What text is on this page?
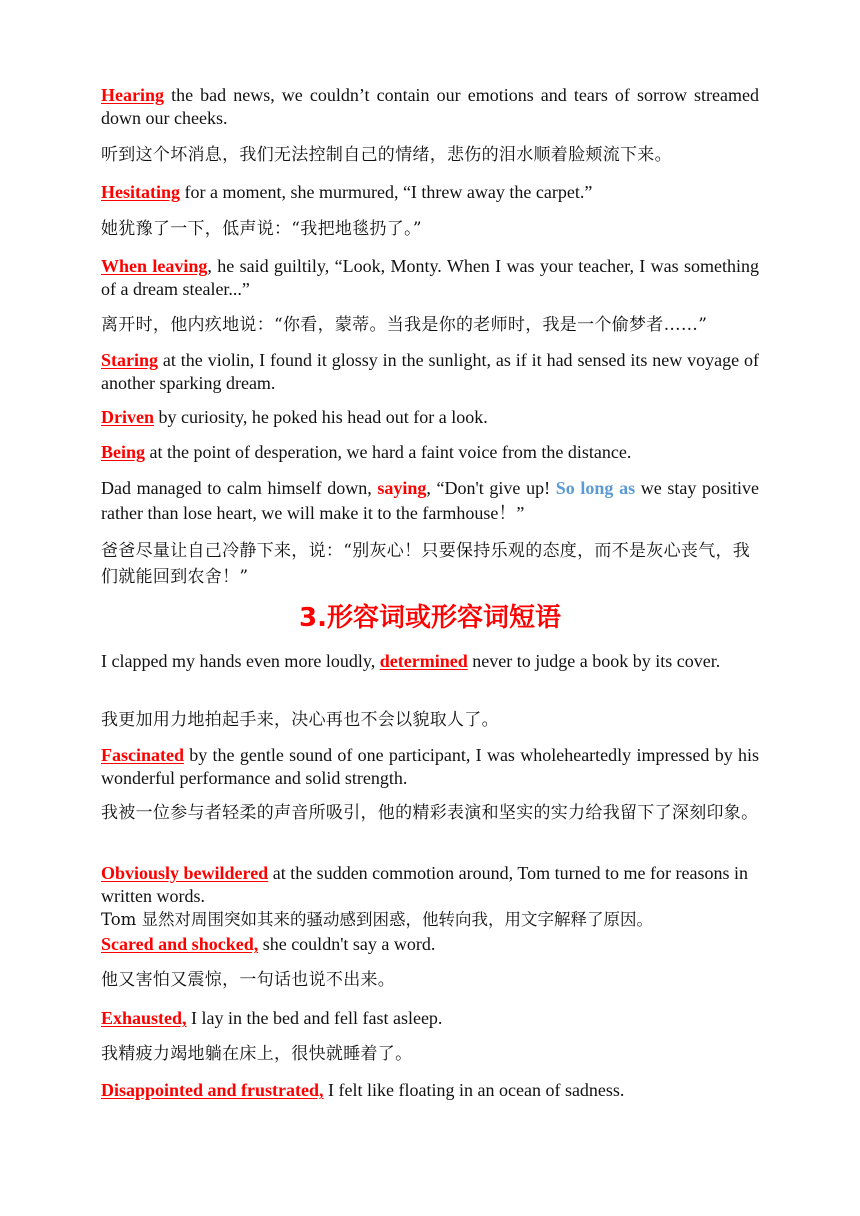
Hearing the bad news, we couldn’t contain our emotions and tears of sorrow streamed down our cheeks.

听到这个坏消息，我们无法控制自己的情绪，悲伤的泪水顺着脸颊流下来。

Hesitating for a moment, she murmured, “I threw away the carpet.”

她犹豫了一下，低声说：“我把地毯扔了。”

When leaving, he said guiltily, “Look, Monty. When I was your teacher, I was something of a dream stealer...”

离开时，他内疚地说：“你看，蒙蒂。当我是你的老师时，我是一个偷梦者……”

Staring at the violin, I found it glossy in the sunlight, as if it had sensed its new voyage of another sparking dream.

Driven by curiosity, he poked his head out for a look.

Being at the point of desperation, we hard a faint voice from the distance.

Dad managed to calm himself down, saying, “Don't give up! So long as we stay positive rather than lose heart, we will make it to the farmhouse！”

爸爸尽量让自己冷静下来，说：“别灰心！只要保持乐观的态度，而不是灰心丧气，我们就能回到农舍！”

3.形容词或形容词短语

I clapped my hands even more loudly, determined never to judge a book by its cover.

我更加用力地拍起手来，决心再也不会以貌取人了。

Fascinated by the gentle sound of one participant, I was wholeheartedly impressed by his wonderful performance and solid strength.

我被一位参与者轻柔的声音所吸引，他的精彩表演和坚实的实力给我留下了深刻印象。

Obviously bewildered at the sudden commotion around, Tom turned to me for reasons in written words.

Tom 显然对周围突如其来的骚动感到困惑，他转向我，用文字解释了原因。

Scared and shocked, she couldn't say a word.

他又害怕又震惊，一句话也说不出来。

Exhausted, I lay in the bed and fell fast asleep.

我精疲力竭地躺在床上，很快就睡着了。

Disappointed and frustrated, I felt like floating in an ocean of sadness.
